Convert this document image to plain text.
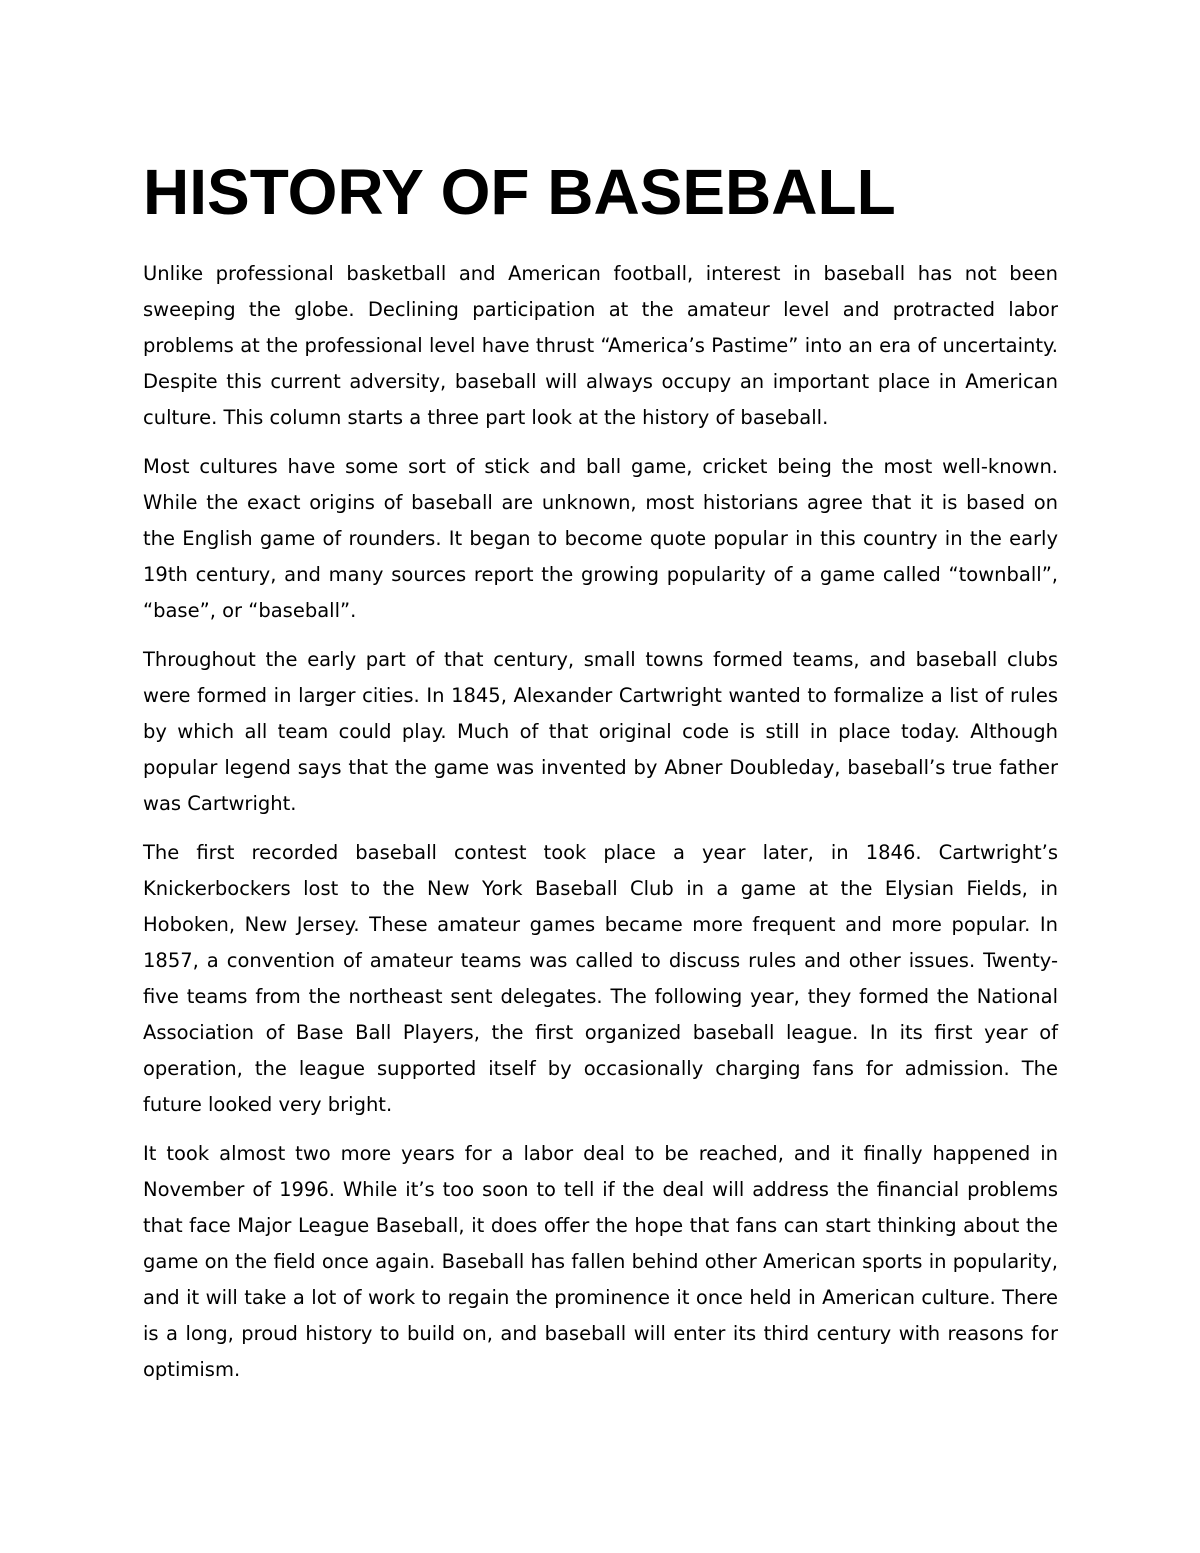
HISTORY OF BASEBALL

Unlike professional basketball and American football, interest in baseball has not been sweeping the globe. Declining participation at the amateur level and protracted labor problems at the professional level have thrust “America’s Pastime” into an era of uncertainty. Despite this current adversity, baseball will always occupy an important place in American culture. This column starts a three part look at the history of baseball.

Most cultures have some sort of stick and ball game, cricket being the most well-known. While the exact origins of baseball are unknown, most historians agree that it is based on the English game of rounders. It began to become quote popular in this country in the early 19th century, and many sources report the growing popularity of a game called “townball”, “base”, or “baseball”.

Throughout the early part of that century, small towns formed teams, and baseball clubs were formed in larger cities. In 1845, Alexander Cartwright wanted to formalize a list of rules by which all team could play. Much of that original code is still in place today. Although popular legend says that the game was invented by Abner Doubleday, baseball’s true father was Cartwright.

The first recorded baseball contest took place a year later, in 1846. Cartwright’s Knickerbockers lost to the New York Baseball Club in a game at the Elysian Fields, in Hoboken, New Jersey. These amateur games became more frequent and more popular. In 1857, a convention of amateur teams was called to discuss rules and other issues. Twenty-five teams from the northeast sent delegates. The following year, they formed the National Association of Base Ball Players, the first organized baseball league. In its first year of operation, the league supported itself by occasionally charging fans for admission. The future looked very bright.

It took almost two more years for a labor deal to be reached, and it finally happened in November of 1996. While it’s too soon to tell if the deal will address the financial problems that face Major League Baseball, it does offer the hope that fans can start thinking about the game on the field once again. Baseball has fallen behind other American sports in popularity, and it will take a lot of work to regain the prominence it once held in American culture. There is a long, proud history to build on, and baseball will enter its third century with reasons for optimism.
